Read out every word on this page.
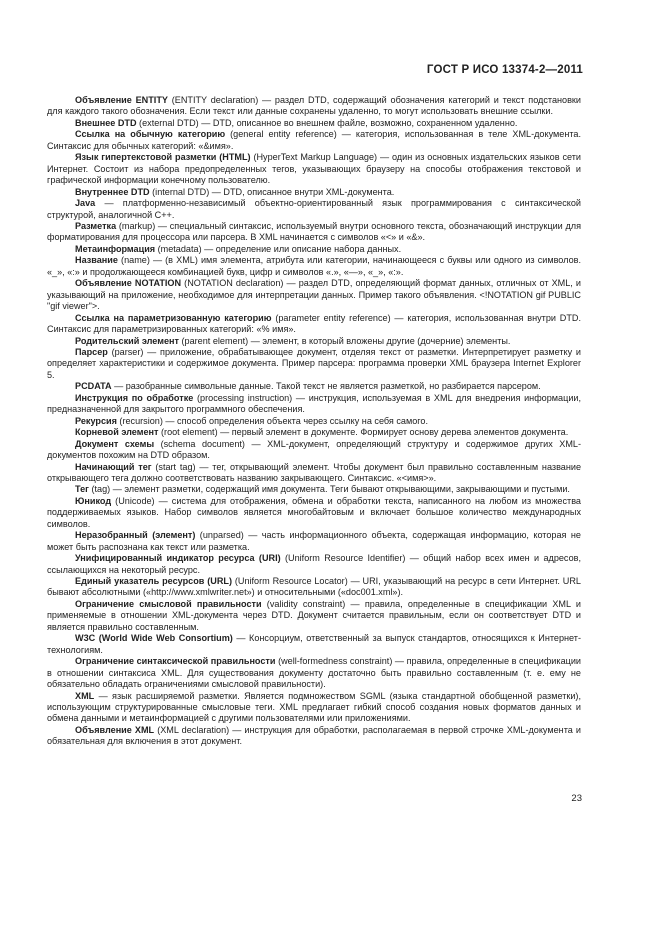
ГОСТ Р ИСО 13374-2—2011

Объявление ENTITY (ENTITY declaration) — раздел DTD, содержащий обозначения категорий и текст подстановки для каждого такого обозначения. Если текст или данные сохранены удаленно, то могут использовать внешние ссылки.

Внешнее DTD (external DTD) — DTD, описанное во внешнем файле, возможно, сохраненном удаленно.

Ссылка на обычную категорию (general entity reference) — категория, использованная в теле XML-документа. Синтаксис для обычных категорий: «&имя».

Язык гипертекстовой разметки (HTML) (HyperText Markup Language) — один из основных издательских языков сети Интернет. Состоит из набора предопределенных тегов, указывающих браузеру на способы отображения текстовой и графической информации конечному пользователю.

Внутреннее DTD (internal DTD) — DTD, описанное внутри XML-документа.

Java — платформенно-независимый объектно-ориентированный язык программирования с синтаксической структурой, аналогичной С++.

Разметка (markup) — специальный синтаксис, используемый внутри основного текста, обозначающий инструкции для форматирования для процессора или парсера. В XML начинается с символов «<» и «&».

Метаинформация (metadata) — определение или описание набора данных.

Название (name) — (в XML) имя элемента, атрибута или категории, начинающееся с буквы или одного из символов. «_», «:» и продолжающееся комбинацией букв, цифр и символов «.», «—», «_», «:».

Объявление NOTATION (NOTATION declaration) — раздел DTD, определяющий формат данных, отличных от XML, и указывающий на приложение, необходимое для интерпретации данных. Пример такого объявления. <!NOTATION gif PUBLIC "gif viewer">.

Ссылка на параметризованную категорию (parameter entity reference) — категория, использованная внутри DTD. Синтаксис для параметризированных категорий: «% имя».

Родительский элемент (parent element) — элемент, в который вложены другие (дочерние) элементы.

Парсер (parser) — приложение, обрабатывающее документ, отделяя текст от разметки. Интерпретирует разметку и определяет характеристики и содержимое документа. Пример парсера: программа проверки XML браузера Internet Explorer 5.

PCDATA — разобранные символьные данные. Такой текст не является разметкой, но разбирается парсером.

Инструкция по обработке (processing instruction) — инструкция, используемая в XML для внедрения информации, предназначенной для закрытого программного обеспечения.

Рекурсия (recursion) — способ определения объекта через ссылку на себя самого.

Корневой элемент (root element) — первый элемент в документе. Формирует основу дерева элементов документа.

Документ схемы (schema document) — XML-документ, определяющий структуру и содержимое других XML-документов похожим на DTD образом.

Начинающий тег (start tag) — тег, открывающий элемент. Чтобы документ был правильно составленным название открывающего тега должно соответствовать названию закрывающего. Синтаксис. «<имя>».

Тег (tag) — элемент разметки, содержащий имя документа. Теги бывают открывающими, закрывающими и пустыми.

Юникод (Unicode) — система для отображения, обмена и обработки текста, написанного на любом из множества поддерживаемых языков. Набор символов является многобайтовым и включает большое количество международных символов.

Неразобранный (элемент) (unparsed) — часть информационного объекта, содержащая информацию, которая не может быть распознана как текст или разметка.

Унифицированный индикатор ресурса (URI) (Uniform Resource Identifier) — общий набор всех имен и адресов, ссылающихся на некоторый ресурс.

Единый указатель ресурсов (URL) (Uniform Resource Locator) — URI, указывающий на ресурс в сети Интернет. URL бывают абсолютными («http://www.xmlwriter.net») и относительными («doc001.xml»).

Ограничение смысловой правильности (validity constraint) — правила, определенные в спецификации XML и применяемые в отношении XML-документа через DTD. Документ считается правильным, если он соответствует DTD и является правильно составленным.

W3C (World Wide Web Consortium) — Консорциум, ответственный за выпуск стандартов, относящихся к Интернет-технологиям.

Ограничение синтаксической правильности (well-formedness constraint) — правила, определенные в спецификации в отношении синтаксиса XML. Для существования документу достаточно быть правильно составленным (т. е. ему не обязательно обладать ограничениями смысловой правильности).

XML — язык расширяемой разметки. Является подмножеством SGML (языка стандартной обобщенной разметки), использующим структурированные смысловые теги. XML предлагает гибкий способ создания новых форматов данных и обмена данными и метаинформацией с другими пользователями или приложениями.

Объявление XML (XML declaration) — инструкция для обработки, располагаемая в первой строчке XML-документа и обязательная для включения в этот документ.

23
